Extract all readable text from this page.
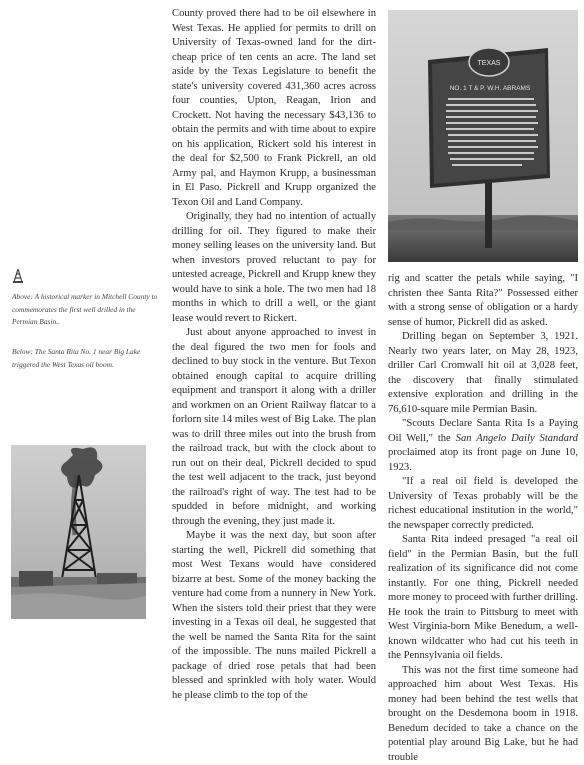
TEXAS
NO. 1 T & P. W.H. ABRAMS
Above: A historical marker in Mitchell County to commemorates the first well drilled in the Permian Basin..
Below: The Santa Rita No. 1 near Big Lake triggered the West Texas oil boom.

County proved there had to be oil elsewhere in West Texas. He applied for permits to drill on University of Texas-owned land for the dirt-cheap price of ten cents an acre. The land set aside by the Texas Legislature to benefit the state's university covered 431,360 acres across four counties, Upton, Reagan, Irion and Crockett. Not having the necessary $43,136 to obtain the permits and with time about to expire on his application, Rickert sold his interest in the deal for $2,500 to Frank Pickrell, an old Army pal, and Haymon Krupp, a businessman in El Paso. Pickrell and Krupp organized the Texon Oil and Land Company.

Originally, they had no intention of actually drilling for oil. They figured to make their money selling leases on the university land. But when investors proved reluctant to pay for untested acreage, Pickrell and Krupp knew they would have to sink a hole. The two men had 18 months in which to drill a well, or the giant lease would revert to Rickert.

Just about anyone approached to invest in the deal figured the two men for fools and declined to buy stock in the venture. But Texon obtained enough capital to acquire drilling equipment and transport it along with a driller and workmen on an Orient Railway flatcar to a forlorn site 14 miles west of Big Lake. The plan was to drill three miles out into the brush from the railroad track, but with the clock about to run out on their deal, Pickrell decided to spud the test well adjacent to the track, just beyond the railroad's right of way. The test had to be spudded in before midnight, and working through the evening, they just made it.

Maybe it was the next day, but soon after starting the well, Pickrell did something that most West Texans would have considered bizarre at best. Some of the money backing the venture had come from a nunnery in New York. When the sisters told their priest that they were investing in a Texas oil deal, he suggested that the well be named the Santa Rita for the saint of the impossible. The nuns mailed Pickrell a package of dried rose petals that had been blessed and sprinkled with holy water. Would he please climb to the top of the

rig and scatter the petals while saying, "I christen thee Santa Rita?" Possessed either with a strong sense of obligation or a hardy sense of humor, Pickrell did as asked.

Drilling began on September 3, 1921. Nearly two years later, on May 28, 1923, driller Carl Cromwall hit oil at 3,028 feet, the discovery that finally stimulated extensive exploration and drilling in the 76,610-square mile Permian Basin.

"Scouts Declare Santa Rita Is a Paying Oil Well," the San Angelo Daily Standard proclaimed atop its front page on June 10, 1923.

"If a real oil field is developed the University of Texas probably will be the richest educational institution in the world," the newspaper correctly predicted.

Santa Rita indeed presaged "a real oil field" in the Permian Basin, but the full realization of its significance did not come instantly. For one thing, Pickrell needed more money to proceed with further drilling. He took the train to Pittsburg to meet with West Virginia-born Mike Benedum, a well-known wildcatter who had cut his teeth in the Pennsylvania oil fields.

This was not the first time someone had approached him about West Texas. His money had been behind the test wells that brought on the Desdemona boom in 1918. Benedum decided to take a chance on the potential play around Big Lake, but he had trouble
